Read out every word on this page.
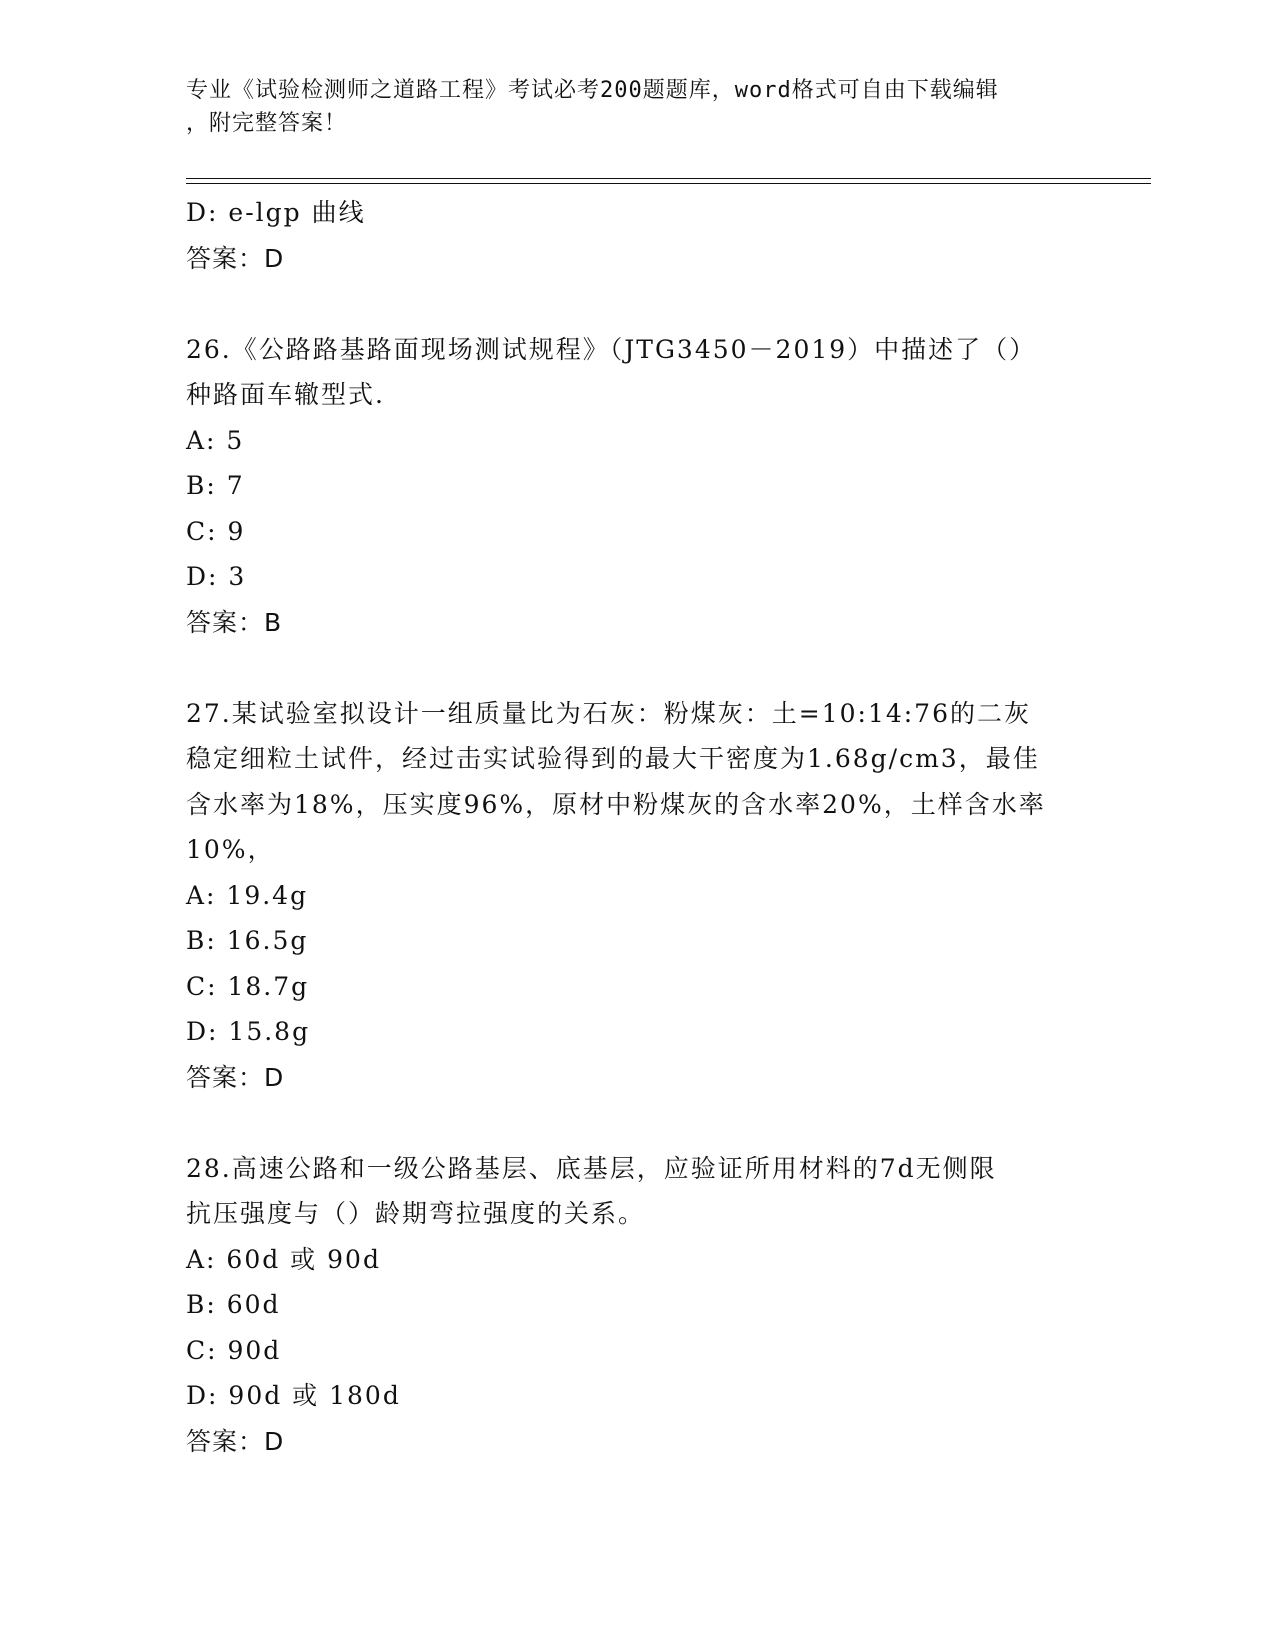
专业《试验检测师之道路工程》考试必考200题题库，word格式可自由下载编辑
，附完整答案！
D: e-lgp 曲线
答案：D
26.《公路路基路面现场测试规程》（JTG3450－2019）中描述了（）
种路面车辙型式.
A: 5
B: 7
C: 9
D: 3
答案：B
27.某试验室拟设计一组质量比为石灰：粉煤灰：土=10:14:76的二灰
稳定细粒土试件，经过击实试验得到的最大干密度为1.68g/cm3，最佳
含水率为18%，压实度96%，原材中粉煤灰的含水率20%，土样含水率
10%，
A: 19.4g
B: 16.5g
C: 18.7g
D: 15.8g
答案：D
28.高速公路和一级公路基层、底基层，应验证所用材料的7d无侧限
抗压强度与（）龄期弯拉强度的关系。
A: 60d 或 90d
B: 60d
C: 90d
D: 90d 或 180d
答案：D
